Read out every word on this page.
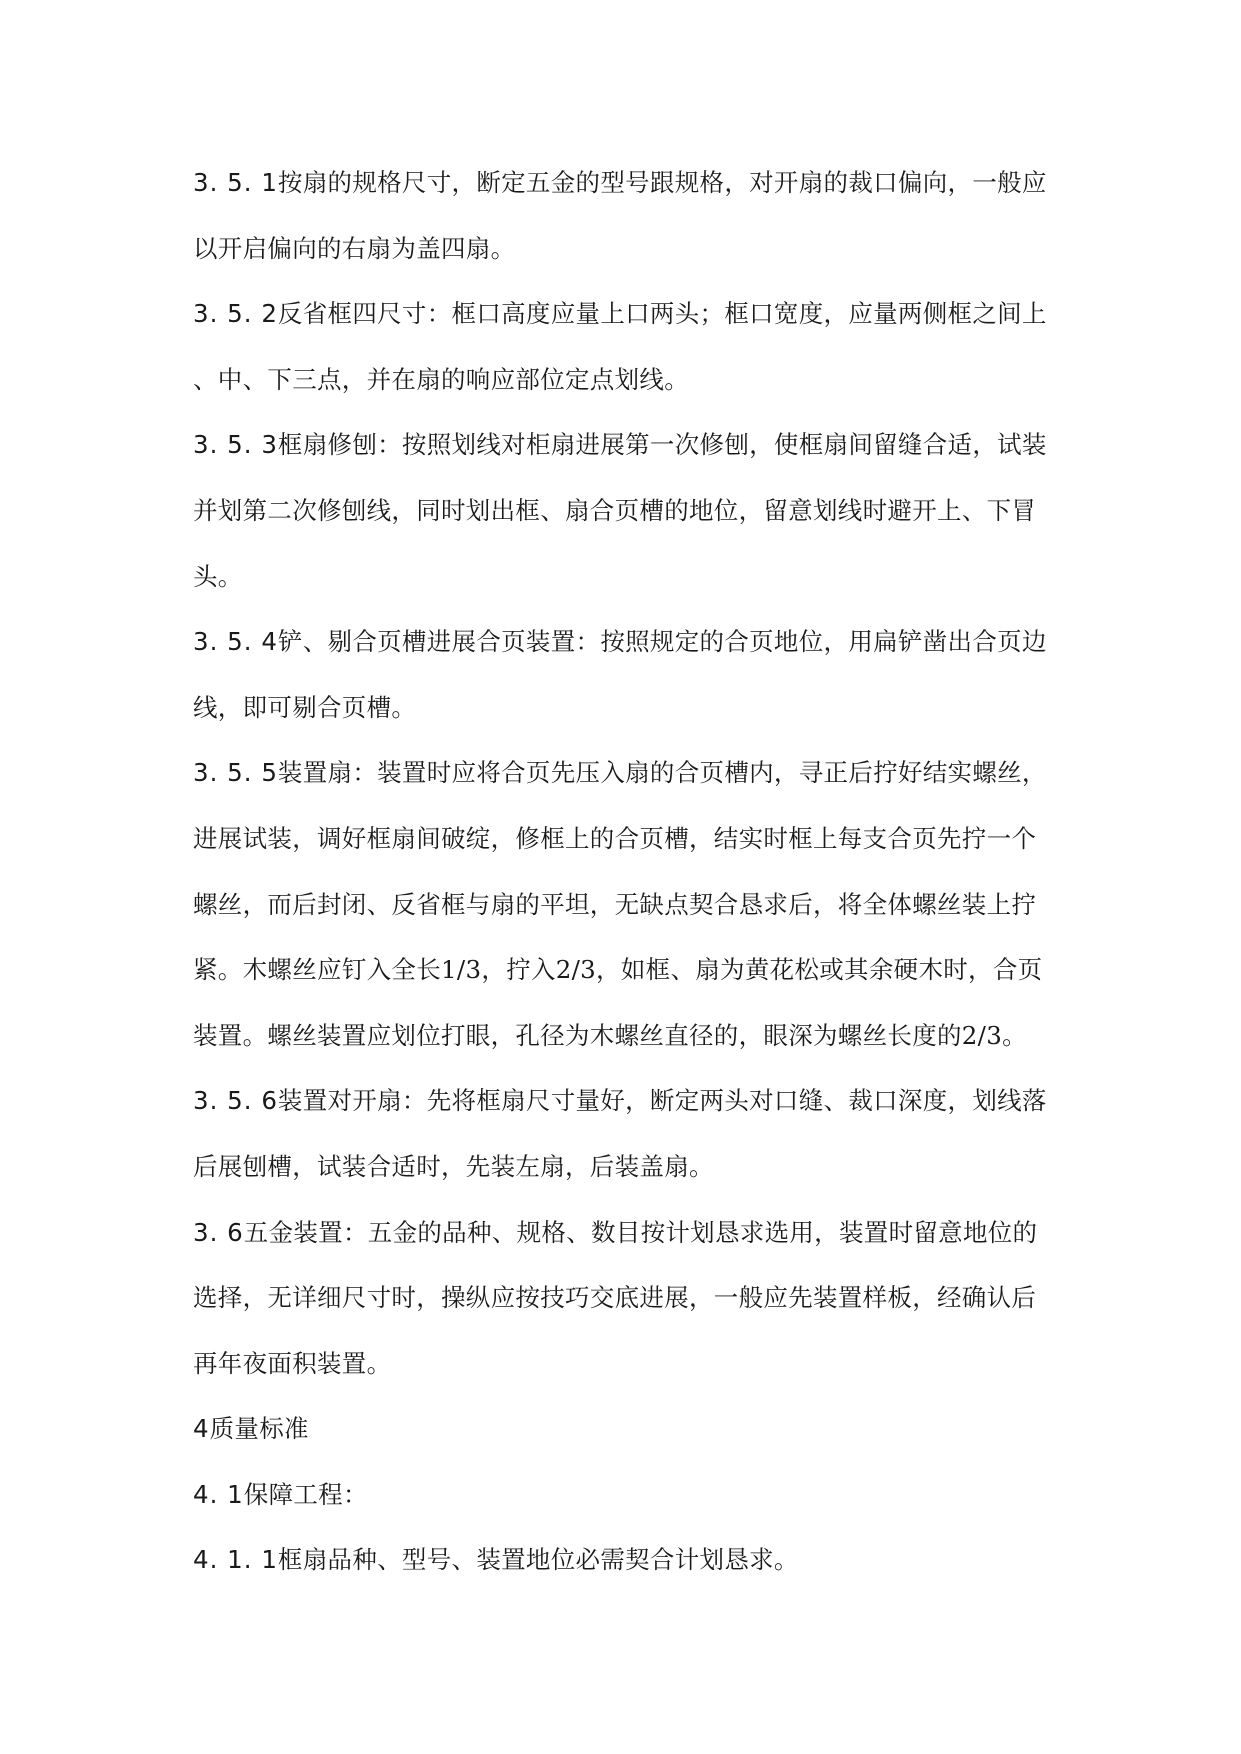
3. 5. 1按扇的规格尺寸，断定五金的型号跟规格，对开扇的裁口偏向，一般应
以开启偏向的右扇为盖四扇。
3. 5. 2反省框四尺寸：框口高度应量上口两头；框口宽度，应量两侧框之间上
、中、下三点，并在扇的响应部位定点划线。
3. 5. 3框扇修刨：按照划线对柜扇进展第一次修刨，使框扇间留缝合适，试装
并划第二次修刨线，同时划出框、扇合页槽的地位，留意划线时避开上、下冒
头。
3. 5. 4铲、剔合页槽进展合页装置：按照规定的合页地位，用扁铲凿出合页边
线，即可剔合页槽。
3. 5. 5装置扇：装置时应将合页先压入扇的合页槽内，寻正后拧好结实螺丝，
进展试装，调好框扇间破绽，修框上的合页槽，结实时框上每支合页先拧一个
螺丝，而后封闭、反省框与扇的平坦，无缺点契合恳求后，将全体螺丝装上拧
紧。木螺丝应钉入全长1/3，拧入2/3，如框、扇为黄花松或其余硬木时，合页
装置。螺丝装置应划位打眼，孔径为木螺丝直径的，眼深为螺丝长度的2/3。
3. 5. 6装置对开扇：先将框扇尺寸量好，断定两头对口缝、裁口深度，划线落
后展刨槽，试装合适时，先装左扇，后装盖扇。
3. 6五金装置：五金的品种、规格、数目按计划恳求选用，装置时留意地位的
选择，无详细尺寸时，操纵应按技巧交底进展，一般应先装置样板，经确认后
再年夜面积装置。
4质量标准
4. 1保障工程：
4. 1. 1框扇品种、型号、装置地位必需契合计划恳求。
